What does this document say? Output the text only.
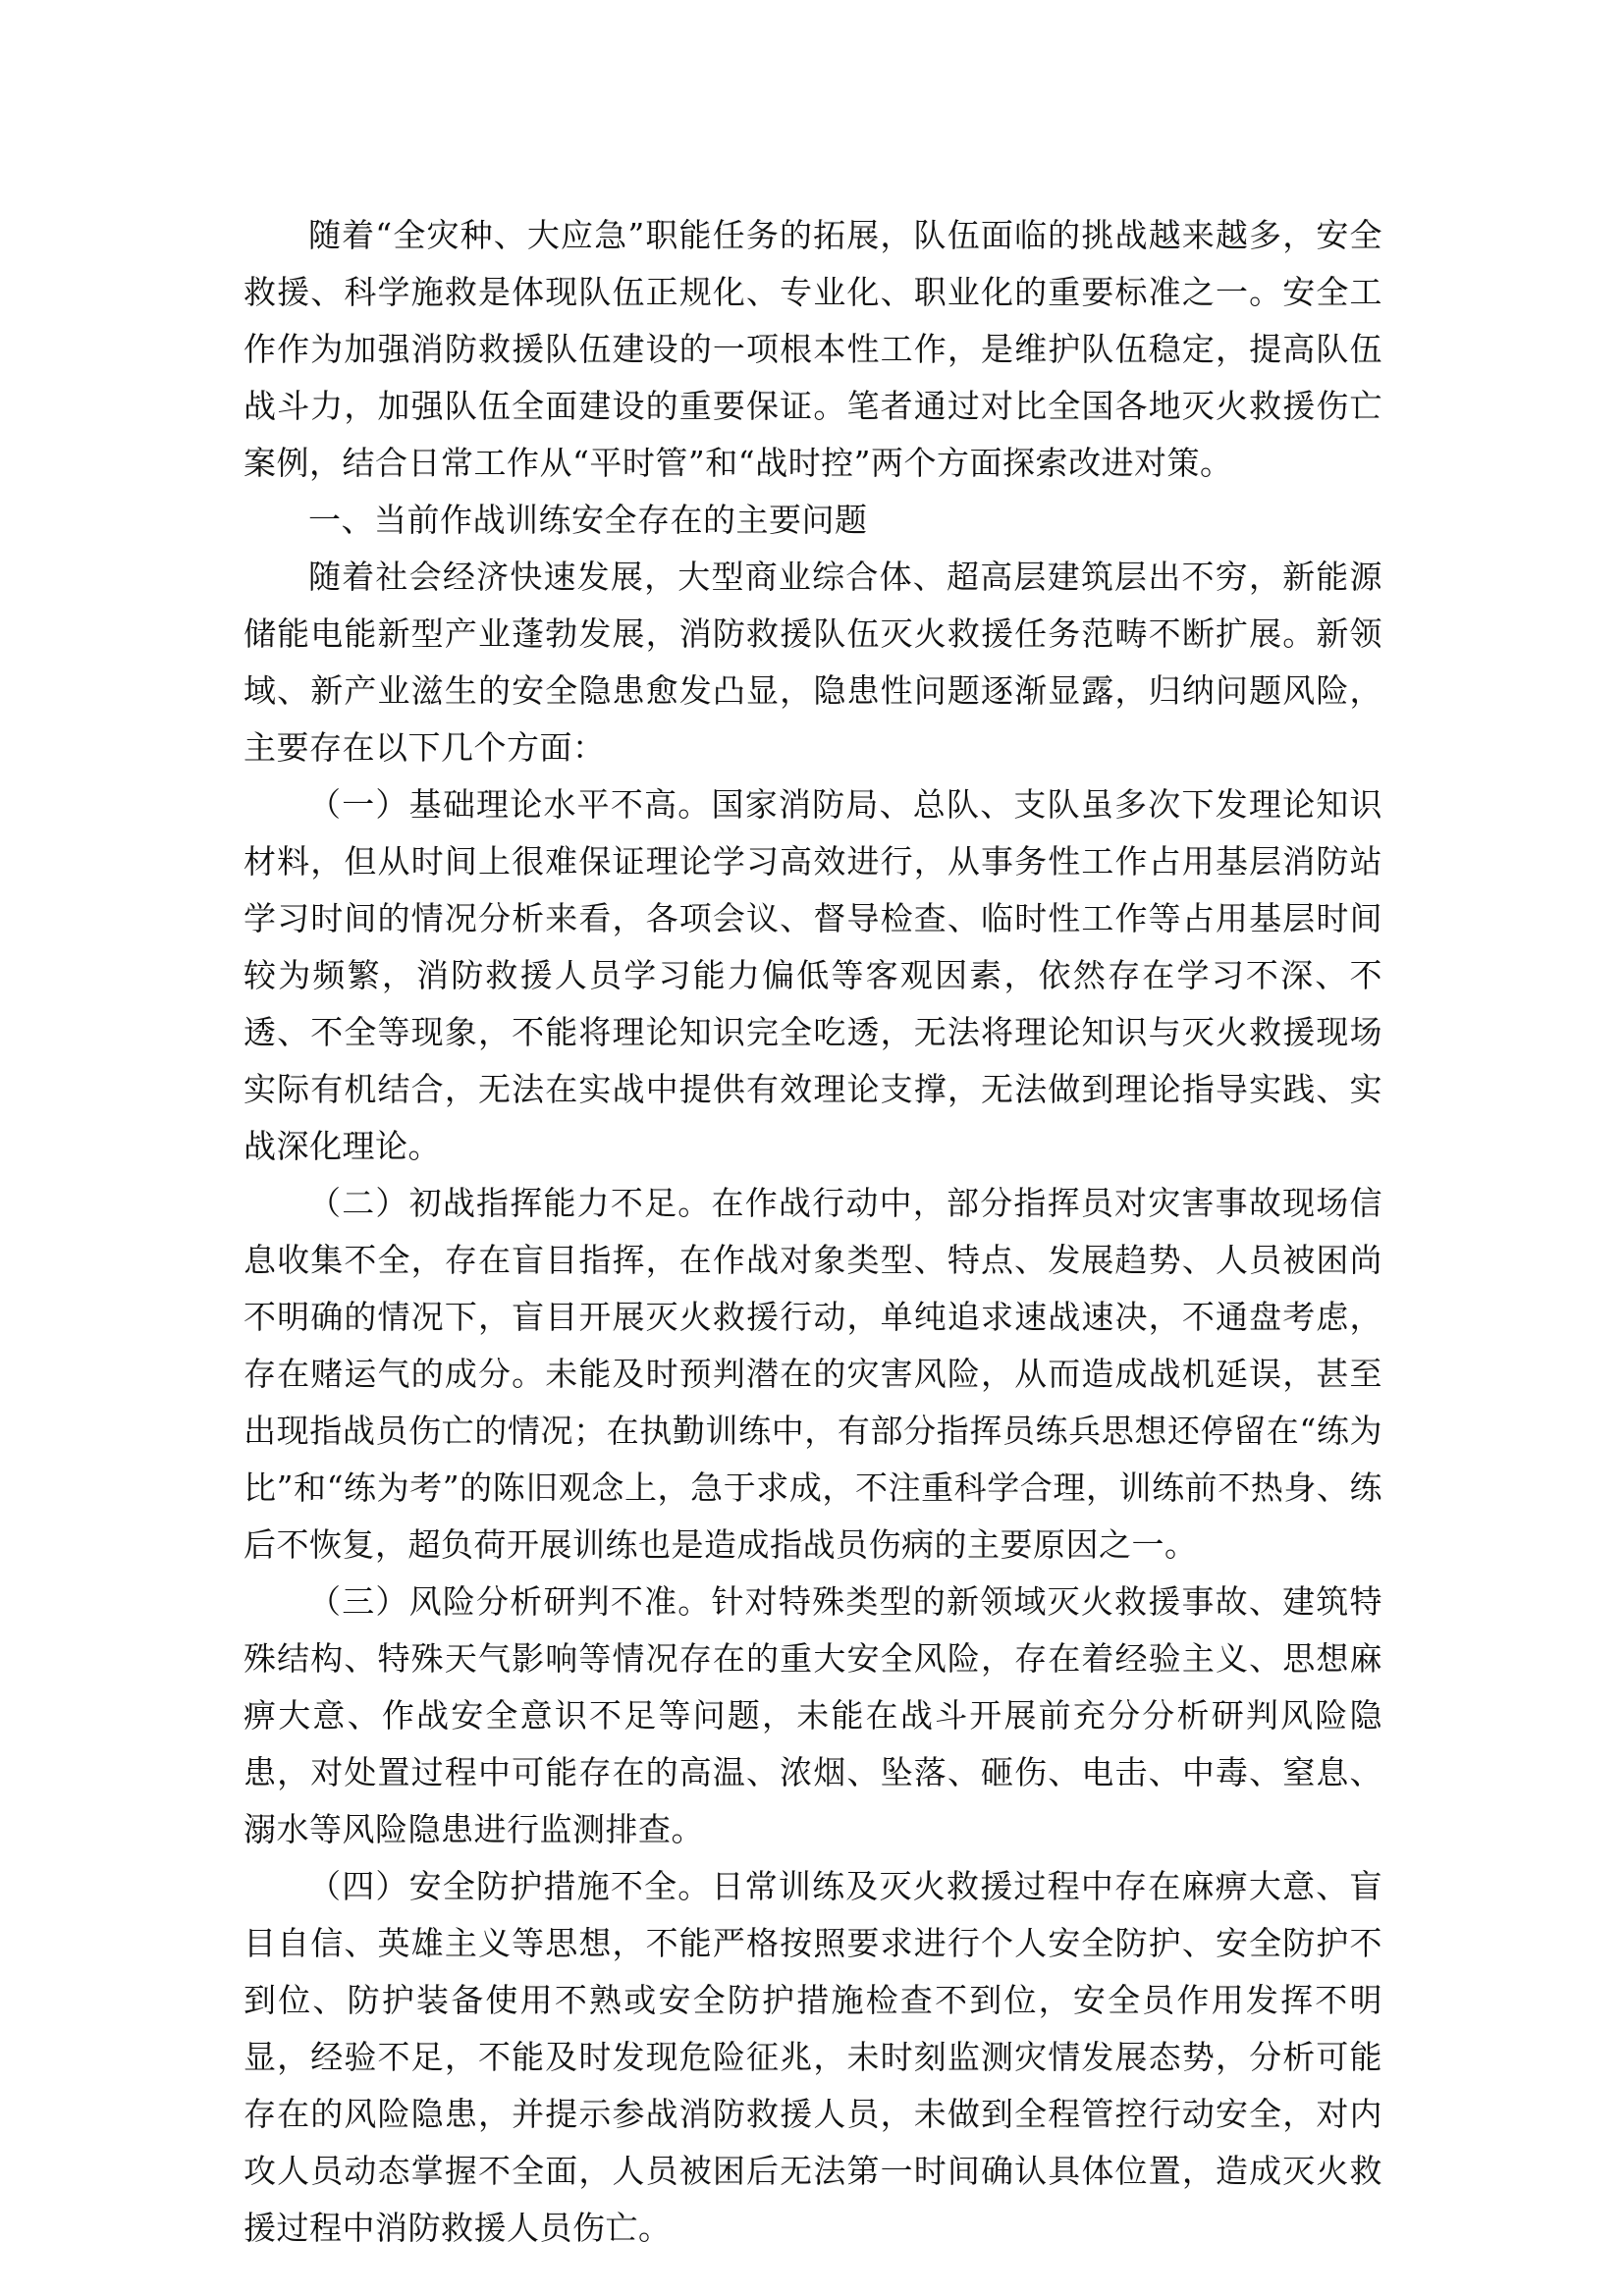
随着“全灾种、大应急”职能任务的拓展，队伍面临的挑战越来越多，安全救援、科学施救是体现队伍正规化、专业化、职业化的重要标准之一。安全工作作为加强消防救援队伍建设的一项根本性工作，是维护队伍稳定，提高队伍战斗力，加强队伍全面建设的重要保证。笔者通过对比全国各地灭火救援伤亡案例，结合日常工作从“平时管”和“战时控”两个方面探索改进对策。

一、当前作战训练安全存在的主要问题

随着社会经济快速发展，大型商业综合体、超高层建筑层出不穷，新能源储能电能新型产业蓬勃发展，消防救援队伍灭火救援任务范畴不断扩展。新领域、新产业滋生的安全隐患愈发凸显，隐患性问题逐渐显露，归纳问题风险，主要存在以下几个方面：

（一）基础理论水平不高。国家消防局、总队、支队虽多次下发理论知识材料，但从时间上很难保证理论学习高效进行，从事务性工作占用基层消防站学习时间的情况分析来看，各项会议、督导检查、临时性工作等占用基层时间较为频繁，消防救援人员学习能力偏低等客观因素，依然存在学习不深、不透、不全等现象，不能将理论知识完全吃透，无法将理论知识与灭火救援现场实际有机结合，无法在实战中提供有效理论支撑，无法做到理论指导实践、实战深化理论。

（二）初战指挥能力不足。在作战行动中，部分指挥员对灾害事故现场信息收集不全，存在盲目指挥，在作战对象类型、特点、发展趋势、人员被困尚不明确的情况下，盲目开展灭火救援行动，单纯追求速战速决，不通盘考虑，存在赌运气的成分。未能及时预判潜在的灾害风险，从而造成战机延误，甚至出现指战员伤亡的情况；在执勤训练中，有部分指挥员练兵思想还停留在“练为比”和“练为考”的陈旧观念上，急于求成，不注重科学合理，训练前不热身、练后不恢复，超负荷开展训练也是造成指战员伤病的主要原因之一。

（三）风险分析研判不准。针对特殊类型的新领域灭火救援事故、建筑特殊结构、特殊天气影响等情况存在的重大安全风险，存在着经验主义、思想麻痹大意、作战安全意识不足等问题，未能在战斗开展前充分分析研判风险隐患，对处置过程中可能存在的高温、浓烟、坠落、砸伤、电击、中毒、窒息、溺水等风险隐患进行监测排查。

（四）安全防护措施不全。日常训练及灭火救援过程中存在麻痹大意、盲目自信、英雄主义等思想，不能严格按照要求进行个人安全防护、安全防护不到位、防护装备使用不熟或安全防护措施检查不到位，安全员作用发挥不明显，经验不足，不能及时发现危险征兆，未时刻监测灾情发展态势，分析可能存在的风险隐患，并提示参战消防救援人员，未做到全程管控行动安全，对内攻人员动态掌握不全面，人员被困后无法第一时间确认具体位置，造成灭火救援过程中消防救援人员伤亡。
